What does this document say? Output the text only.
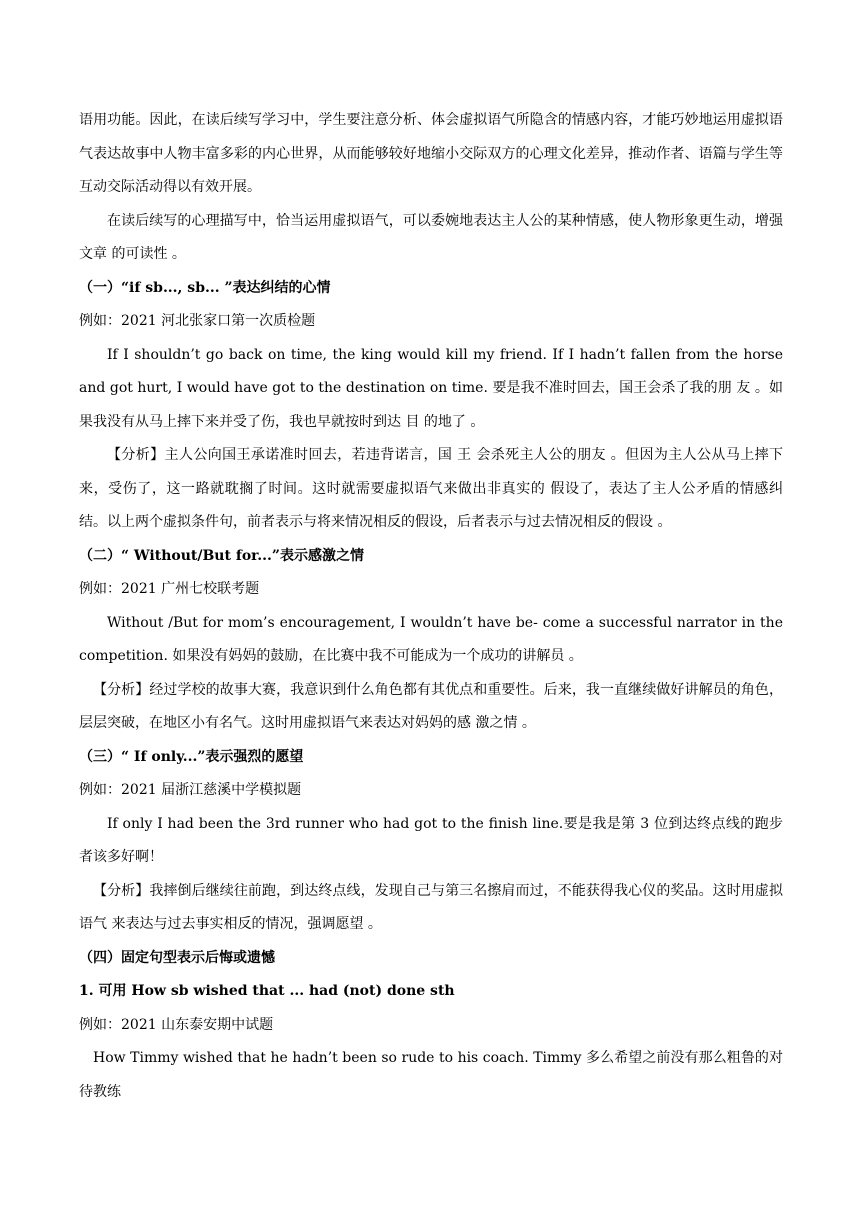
语用功能。因此，在读后续写学习中，学生要注意分析、体会虚拟语气所隐含的情感内容，才能巧妙地运用虚拟语气表达故事中人物丰富多彩的内心世界，从而能够较好地缩小交际双方的心理文化差异，推动作者、语篇与学生等互动交际活动得以有效开展。

在读后续写的心理描写中，恰当运用虚拟语气，可以委婉地表达主人公的某种情感，使人物形象更生动，增强文章 的可读性 。

（一）“if sb..., sb... ”表达纠结的心情

例如：2021 河北张家口第一次质检题

If I shouldn’t go back on time, the king would kill my friend. If I hadn’t fallen from the horse and got hurt, I would have got to the destination on time. 要是我不准时回去，国王会杀了我的朋 友 。如果我没有从马上摔下来并受了伤，我也早就按时到达 目 的地了 。

【分析】主人公向国王承诺准时回去，若违背诺言，国 王 会杀死主人公的朋友 。但因为主人公从马上摔下来，受伤了，这一路就耽搁了时间。这时就需要虚拟语气来做出非真实的 假设了，表达了主人公矛盾的情感纠结。以上两个虚拟条件句，前者表示与将来情况相反的假设，后者表示与过去情况相反的假设 。

（二）“ Without/But for...”表示感激之情

例如：2021 广州七校联考题

Without /But for mom’s encouragement, I wouldn’t have be- come a successful narrator in the competition. 如果没有妈妈的鼓励，在比赛中我不可能成为一个成功的讲解员 。

【分析】经过学校的故事大赛，我意识到什么角色都有其优点和重要性。后来，我一直继续做好讲解员的角色，层层突破，在地区小有名气。这时用虚拟语气来表达对妈妈的感 激之情 。

（三）“ If only...”表示强烈的愿望

例如：2021 届浙江慈溪中学模拟题

If only I had been the 3rd runner who had got to the finish line.要是我是第 3 位到达终点线的跑步者该多好啊！

【分析】我摔倒后继续往前跑，到达终点线，发现自己与第三名擦肩而过，不能获得我心仪的奖品。这时用虚拟语气 来表达与过去事实相反的情况，强调愿望 。

（四）固定句型表示后悔或遗憾

1. 可用 How sb wished that ... had (not) done sth

例如：2021 山东泰安期中试题

How Timmy wished that he hadn’t been so rude to his coach. Timmy 多么希望之前没有那么粗鲁的对待教练
